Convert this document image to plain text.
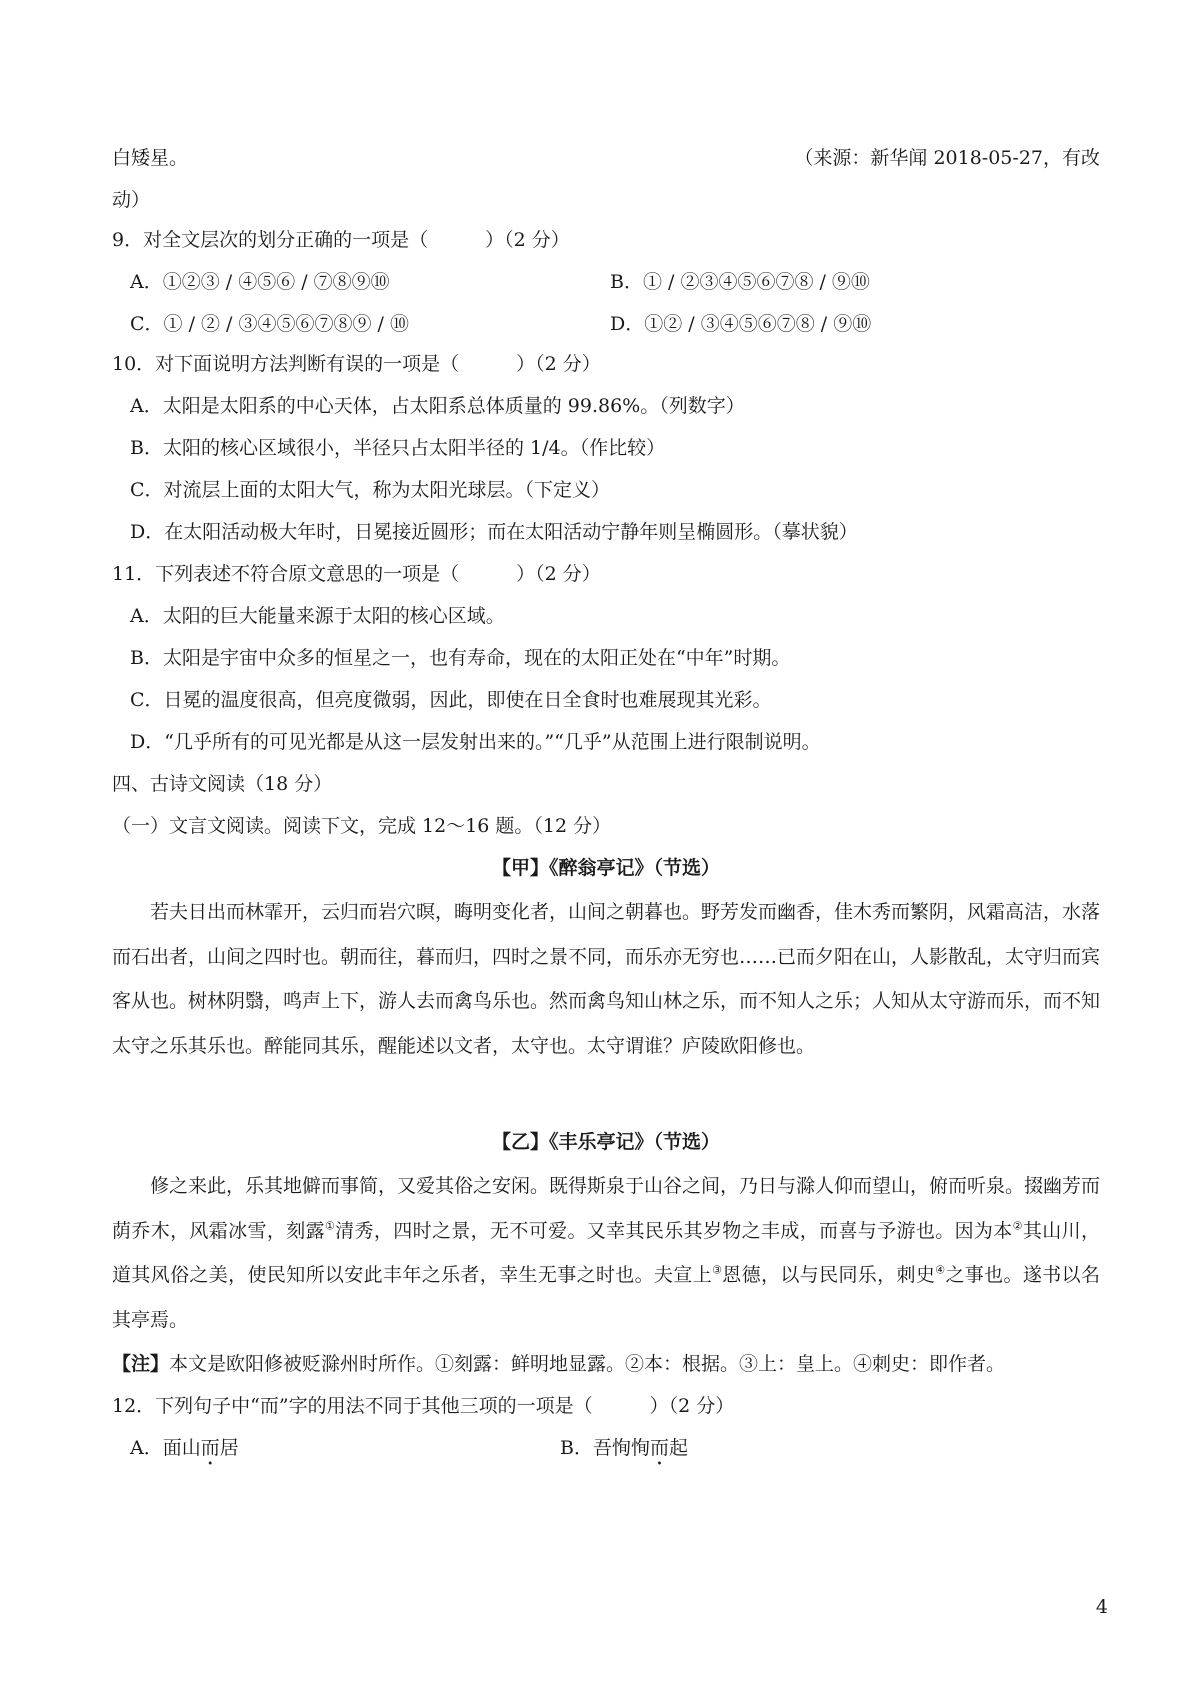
白矮星。	（来源：新华闻 2018-05-27，有改
动）
9．对全文层次的划分正确的一项是（　　　）（2 分）
A．①②③ / ④⑤⑥ / ⑦⑧⑨⑩	B．① / ②③④⑤⑥⑦⑧ / ⑨⑩
C．① / ② / ③④⑤⑥⑦⑧⑨ / ⑩	D．①② / ③④⑤⑥⑦⑧ / ⑨⑩
10．对下面说明方法判断有误的一项是（　　　）（2 分）
A．太阳是太阳系的中心天体，占太阳系总体质量的 99.86%。（列数字）
B．太阳的核心区域很小，半径只占太阳半径的 1/4。（作比较）
C．对流层上面的太阳大气，称为太阳光球层。（下定义）
D．在太阳活动极大年时，日冕接近圆形；而在太阳活动宁静年则呈椭圆形。（摹状貌）
11．下列表述不符合原文意思的一项是（　　　）（2 分）
A．太阳的巨大能量来源于太阳的核心区域。
B．太阳是宇宙中众多的恒星之一，也有寿命，现在的太阳正处在“中年”时期。
C．日冕的温度很高，但亮度微弱，因此，即使在日全食时也难展现其光彩。
D．“几乎所有的可见光都是从这一层发射出来的。”“几乎”从范围上进行限制说明。
四、古诗文阅读（18 分）
（一）文言文阅读。阅读下文，完成 12～16 题。（12 分）
【甲】《醉翁亭记》（节选）
若夫日出而林霏开，云归而岩穴暝，晦明变化者，山间之朝暮也。野芳发而幽香，佳木秀而繁阴，风霜高洁，水落而石出者，山间之四时也。朝而往，暮而归，四时之景不同，而乐亦无穷也……已而夕阳在山，人影散乱，太守归而宾客从也。树林阴翳，鸣声上下，游人去而禽鸟乐也。然而禽鸟知山林之乐，而不知人之乐；人知从太守游而乐，而不知太守之乐其乐也。醉能同其乐，醒能述以文者，太守也。太守谓谁？庐陵欧阳修也。
【乙】《丰乐亭记》（节选）
修之来此，乐其地僻而事简，又爱其俗之安闲。既得斯泉于山谷之间，乃日与滁人仰而望山，俯而听泉。掇幽芳而荫乔木，风霜冰雪，刻露①清秀，四时之景，无不可爱。又幸其民乐其岁物之丰成，而喜与予游也。因为本②其山川，道其风俗之美，使民知所以安此丰年之乐者，幸生无事之时也。夫宣上③恩德，以与民同乐，刺史④之事也。遂书以名其亭焉。
【注】本文是欧阳修被贬滁州时所作。①刻露：鲜明地显露。②本：根据。③上：皇上。④刺史：即作者。
12．下列句子中“而”字的用法不同于其他三项的一项是（　　　）（2 分）
A．面山而居	B．吾恂恂而起
4
